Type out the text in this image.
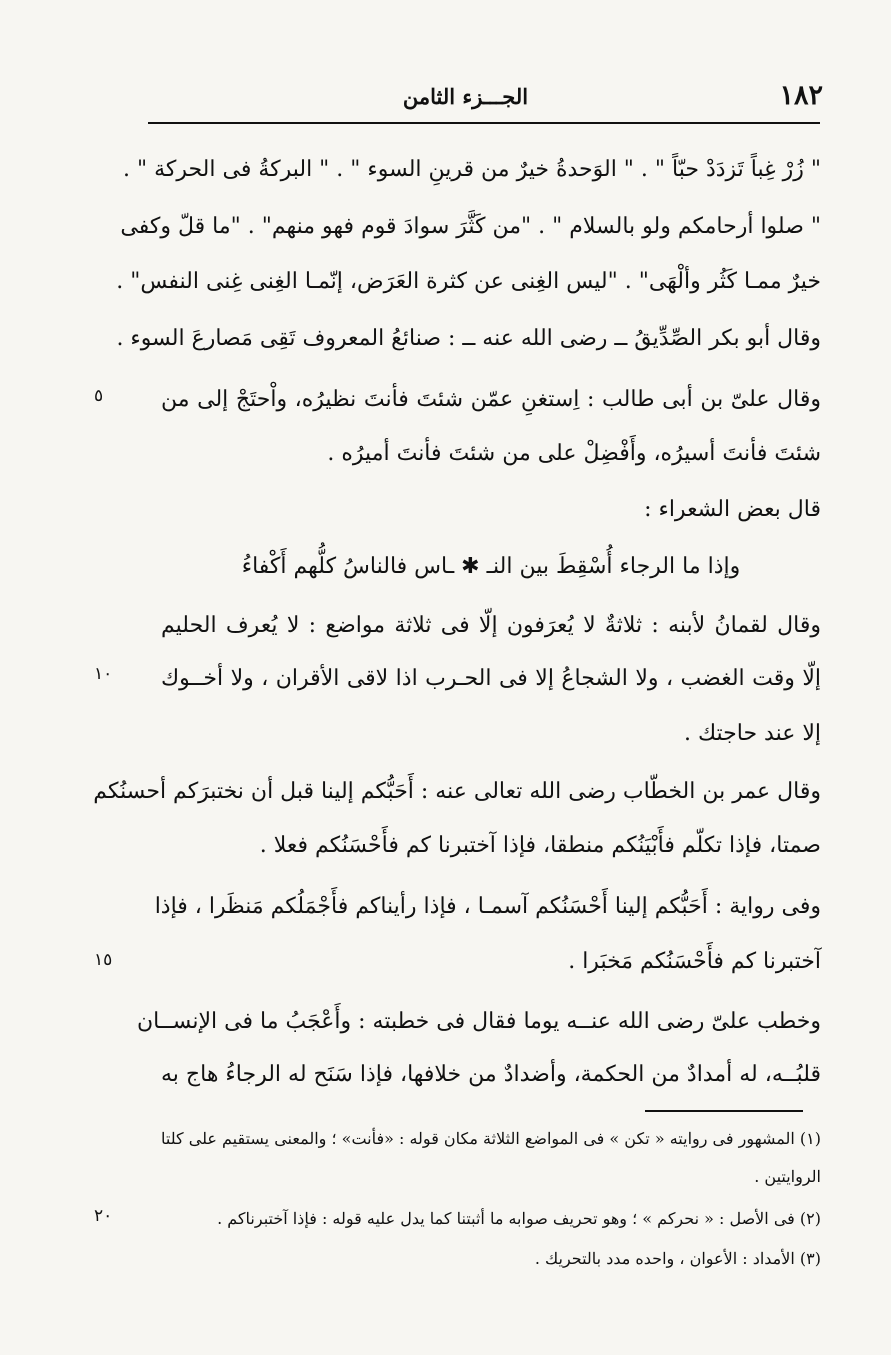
١٨٢
الجـــزء الثامن
" زُرْ غِباً تَزدَدْ حبّاً " . " الوَحدةُ خيرٌ من قرينِ السوء " . " البركةُ فى الحركة " .
" صلوا أرحامكم ولو بالسلام " . "من كَثَّرَ سوادَ قوم فهو منهم" . "ما قلّ وكفى
خيرٌ ممـا كَثُر وألْهَى" . "ليس الغِنى عن كثرة العَرَض، إنّمـا الغِنى غِنى النفس" .
وقال أبو بكر الصِّدِّيقُ ــ رضى الله عنه ــ : صنائعُ المعروف تَقِى مَصارعَ السوء .
وقال علىّ بن أبى طالب : اِستغنِ عمّن شئتَ فأنتَ نظيرُه، واْحتَجْ إلى من
شئتَ فأنتَ أسيرُه، وأَفْضِلْ على من شئتَ فأنتَ أميرُه .
قال بعض الشعراء :
وإذا ما الرجاء أُسْقِطَ بين النـ ✱ ـاس فالناسُ كلُّهم أَكْفاءُ
وقال لقمانُ لأبنه : ثلاثةٌ لا يُعرَفون إلّا فى ثلاثة مواضع : لا يُعرف الحليم
إلّا وقت الغضب ، ولا الشجاعُ إلا فى الحـرب اذا لاقى الأقران ، ولا أخــوك
إلا عند حاجتك .
وقال عمر بن الخطّاب رضى الله تعالى عنه : أَحَبُّكم إلينا قبل أن نختبرَكم أحسنُكم
صمتا، فإذا تكلّم فأَبْيَنُكم منطقا، فإذا آختبرنا كم فأَحْسَنُكم فعلا .
وفى رواية : أَحَبُّكم إلينا أَحْسَنُكم آسمـا ، فإذا رأيناكم فأَجْمَلُكم مَنظَرا ، فإذا
آختبرنا كم فأَحْسَنُكم مَخبَرا .
وخطب علىّ رضى الله عنــه يوما فقال فى خطبته : وأَعْجَبُ ما فى الإنســان
قلبُــه، له أمدادٌ من الحكمة، وأضدادٌ من خلافها، فإذا سَنَح له الرجاءُ هاج به
٥
١٠
١٥
٢٠
(١) المشهور فى روايته « تكن » فى المواضع الثلاثة مكان قوله : «فأنت» ؛ والمعنى يستقيم على كلتا
الروايتين .
(٢) فى الأصل : « نحركم » ؛ وهو تحريف صوابه ما أثبتنا كما يدل عليه قوله : فإذا آختبرناكم .
(٣) الأمداد : الأعوان ، واحده مدد بالتحريك .
